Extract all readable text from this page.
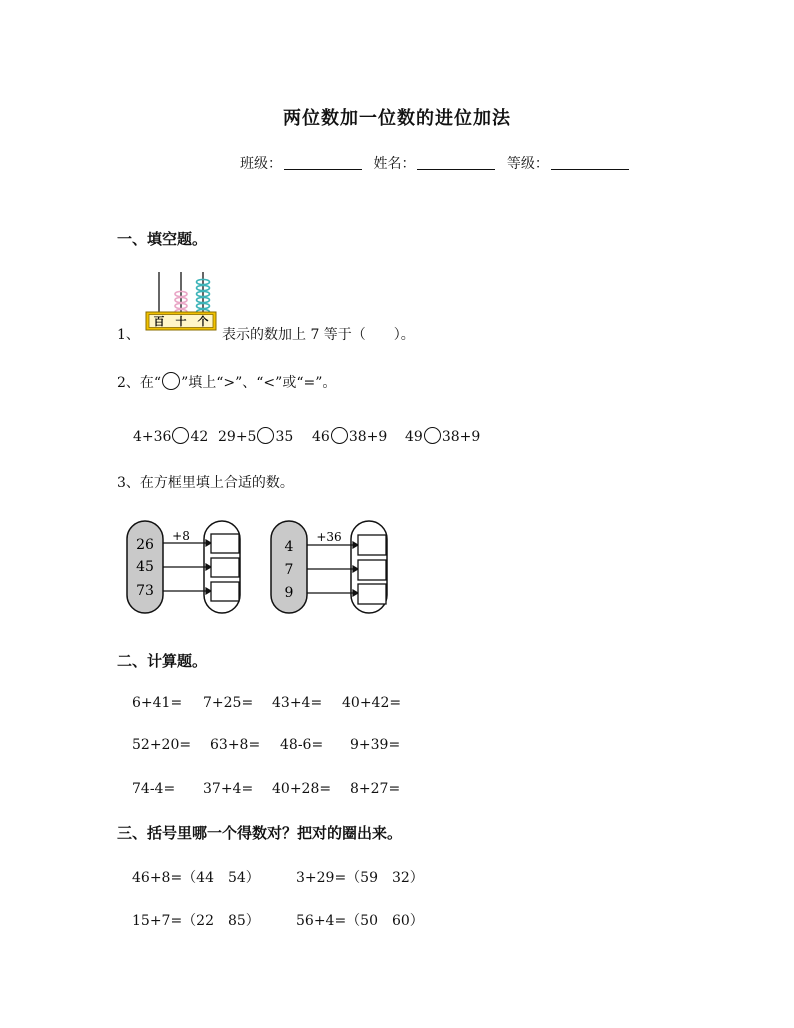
两位数加一位数的进位加法
班级：	姓名：	等级：
一、填空题。
1、
百 十 个
表示的数加上 7 等于（　　）。
2、在“ ”填上“>”、“<”或“=”。
4+36 42 29+5 35 46 38+9 49 38+9
3、在方框里填上合适的数。
26
45
73
+8
4
7
9
+36
二、计算题。
6+41= 7+25= 43+4= 40+42=
52+20= 63+8= 48-6= 9+39=
74-4= 37+4= 40+28= 8+27=
三、括号里哪一个得数对？把对的圈出来。
46+8=（44　54）	3+29=（59　32）
15+7=（22　85）	56+4=（50　60）
